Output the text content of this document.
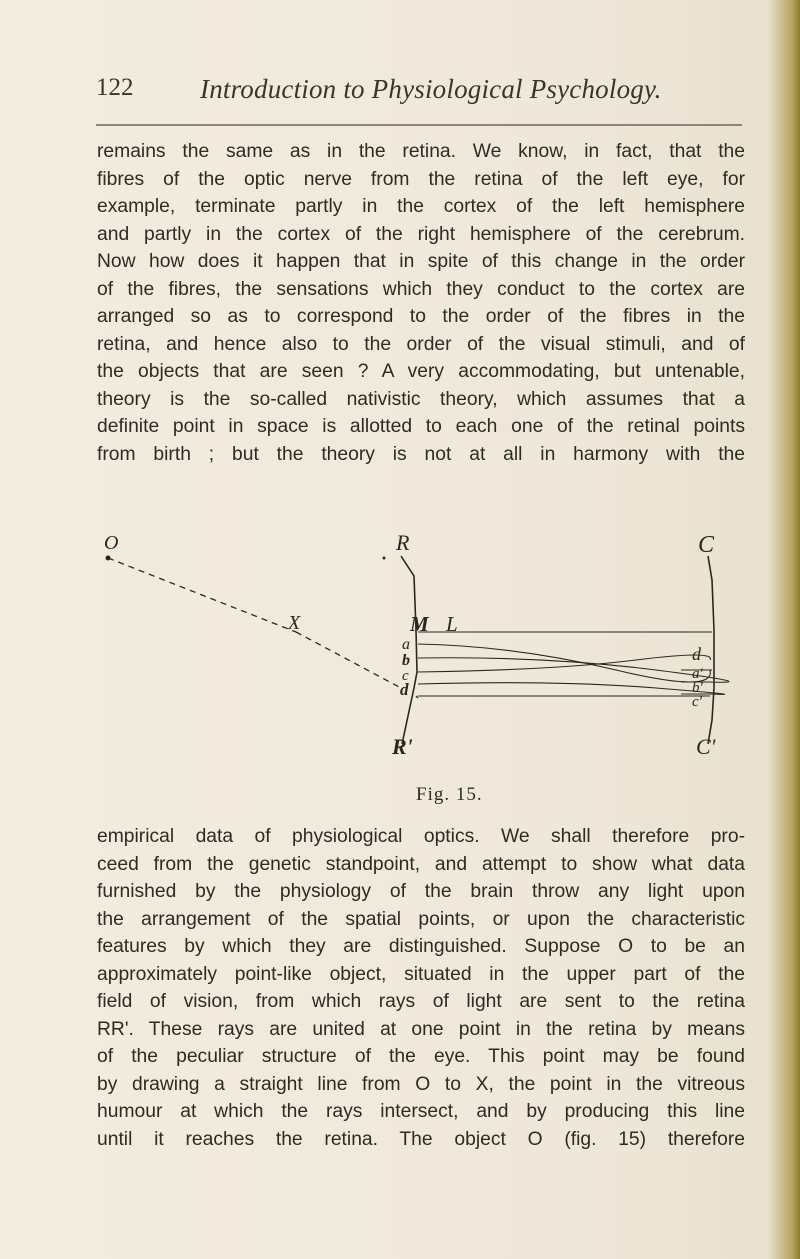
122 Introduction to Physiological Psychology.
remains the same as in the retina. We know, in fact, that the
fibres of the optic nerve from the retina of the left eye, for
example, terminate partly in the cortex of the left hemisphere
and partly in the cortex of the right hemisphere of the cerebrum.
Now how does it happen that in spite of this change in the order
of the fibres, the sensations which they conduct to the cortex are
arranged so as to correspond to the order of the fibres in the
retina, and hence also to the order of the visual stimuli, and of
the objects that are seen ? A very accommodating, but untenable,
theory is the so-called nativistic theory, which assumes that a
definite point in space is allotted to each one of the retinal points
from birth ; but the theory is not at all in harmony with the
O	R	C
X	M L
a
b
c
d
d
a'
b'
c'
R'	C'
Fig. 15.
empirical data of physiological optics. We shall therefore pro-
ceed from the genetic standpoint, and attempt to show what data
furnished by the physiology of the brain throw any light upon
the arrangement of the spatial points, or upon the characteristic
features by which they are distinguished. Suppose O to be an
approximately point-like object, situated in the upper part of the
field of vision, from which rays of light are sent to the retina
RR'. These rays are united at one point in the retina by means
of the peculiar structure of the eye. This point may be found
by drawing a straight line from O to X, the point in the vitreous
humour at which the rays intersect, and by producing this line
until it reaches the retina. The object O (fig. 15) therefore
